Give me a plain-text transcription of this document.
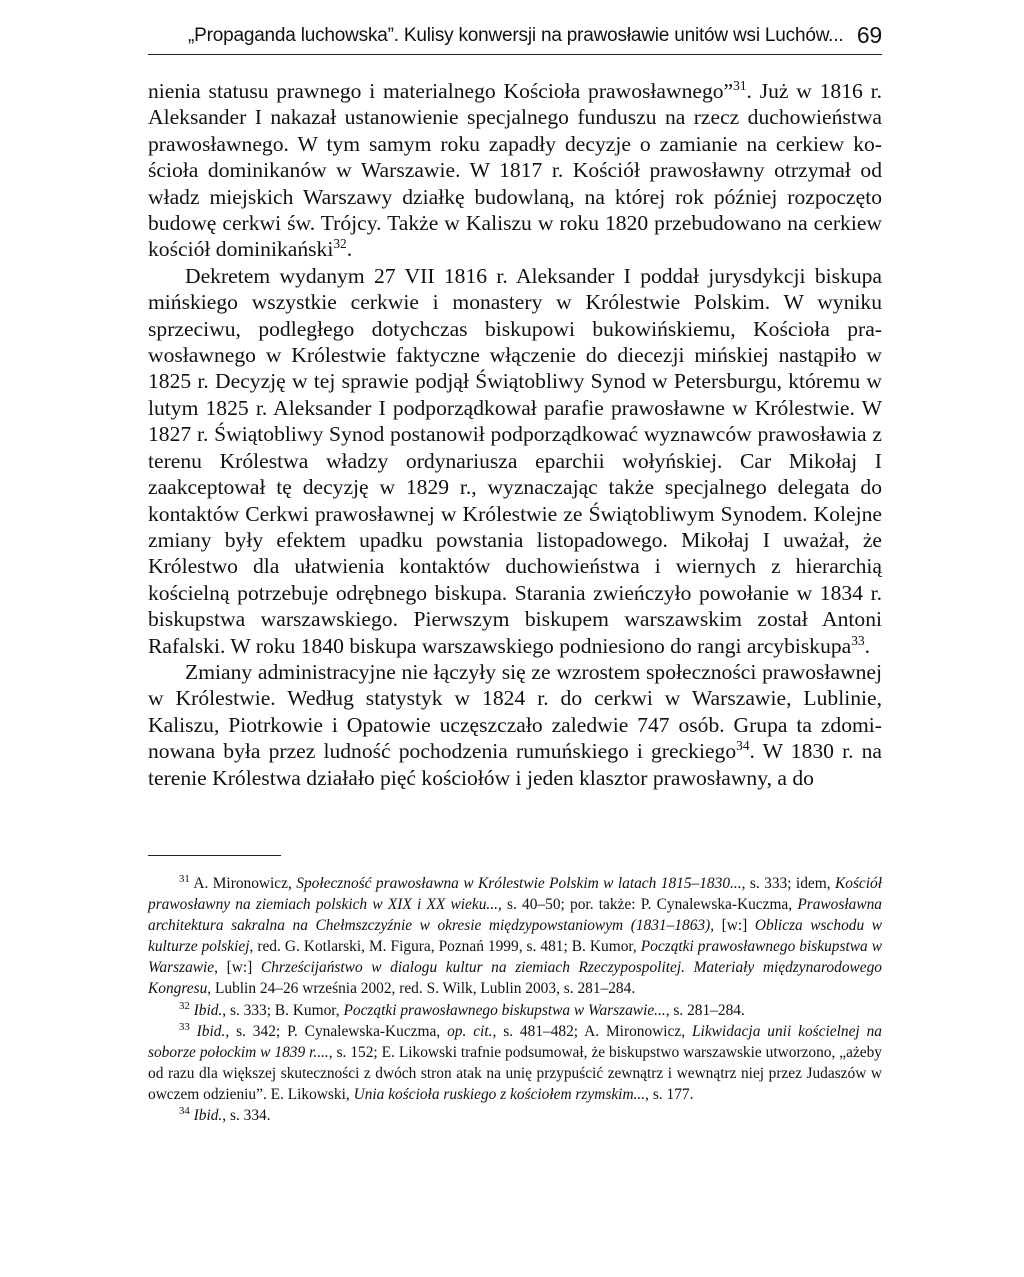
„Propaganda luchowska”. Kulisy konwersji na prawosławie unitów wsi Luchów... 69

nienia statusu prawnego i materialnego Kościoła prawosławnego”$^{31}$. Już w 1816 r. Aleksander I nakazał ustanowienie specjalnego funduszu na rzecz duchowieństwa prawosławnego. W tym samym roku zapadły decyzje o zamianie na cerkiew kościoła dominikanów w Warszawie. W 1817 r. Kościół prawosławny otrzymał od władz miejskich Warszawy działkę budowlaną, na której rok później rozpoczęto budowę cerkwi św. Trójcy. Także w Kaliszu w roku 1820 przebudowano na cerkiew kościół dominikański$^{32}$.

Dekretem wydanym 27 VII 1816 r. Aleksander I poddał jurysdykcji biskupa mińskiego wszystkie cerkwie i monastery w Królestwie Polskim. W wyniku sprzeciwu, podległego dotychczas biskupowi bukowińskiemu, Kościoła prawosławnego w Królestwie faktyczne włączenie do diecezji mińskiej nastąpiło w 1825 r. Decyzję w tej sprawie podjął Świątobliwy Synod w Petersburgu, któremu w lutym 1825 r. Aleksander I podporządkował parafie prawosławne w Królestwie. W 1827 r. Świątobliwy Synod postanowił podporządkować wyznawców prawosławia z terenu Królestwa władzy ordynariusza eparchii wołyńskiej. Car Mikołaj I zaakceptował tę decyzję w 1829 r., wyznaczając także specjalnego delegata do kontaktów Cerkwi prawosławnej w Królestwie ze Świątobliwym Synodem. Kolejne zmiany były efektem upadku powstania listopadowego. Mikołaj I uważał, że Królestwo dla ułatwienia kontaktów duchowieństwa i wiernych z hierarchią kościelną potrzebuje odrębnego biskupa. Starania zwieńczyło powołanie w 1834 r. biskupstwa warszawskiego. Pierwszym biskupem warszawskim został Antoni Rafalski. W roku 1840 biskupa warszawskiego podniesiono do rangi arcybiskupa$^{33}$.

Zmiany administracyjne nie łączyły się ze wzrostem społeczności prawosławnej w Królestwie. Według statystyk w 1824 r. do cerkwi w Warszawie, Lublinie, Kaliszu, Piotrkowie i Opatowie uczęszczało zaledwie 747 osób. Grupa ta zdominowana była przez ludność pochodzenia rumuńskiego i greckiego$^{34}$. W 1830 r. na terenie Królestwa działało pięć kościołów i jeden klasztor prawosławny, a do

$^{31}$ A. Mironowicz, Społeczność prawosławna w Królestwie Polskim w latach 1815–1830..., s. 333; idem, Kościół prawosławny na ziemiach polskich w XIX i XX wieku..., s. 40–50; por. także: P. Cynalewska-Kuczma, Prawosławna architektura sakralna na Chełmszczyźnie w okresie międzypowstaniowym (1831–1863), [w:] Oblicza wschodu w kulturze polskiej, red. G. Kotlarski, M. Figura, Poznań 1999, s. 481; B. Kumor, Początki prawosławnego biskupstwa w Warszawie, [w:] Chrześcijaństwo w dialogu kultur na ziemiach Rzeczypospolitej. Materiały międzynarodowego Kongresu, Lublin 24–26 września 2002, red. S. Wilk, Lublin 2003, s. 281–284.

$^{32}$ Ibid., s. 333; B. Kumor, Początki prawosławnego biskupstwa w Warszawie..., s. 281–284.

$^{33}$ Ibid., s. 342; P. Cynalewska-Kuczma, op. cit., s. 481–482; A. Mironowicz, Likwidacja unii kościelnej na soborze połockim w 1839 r...., s. 152; E. Likowski trafnie podsumował, że biskupstwo warszawskie utworzono, „ażeby od razu dla większej skuteczności z dwóch stron atak na unię przypuścić zewnątrz i wewnątrz niej przez Judaszów w owczem odzieniu”. E. Likowski, Unia kościoła ruskiego z kościołem rzymskim..., s. 177.

$^{34}$ Ibid., s. 334.
